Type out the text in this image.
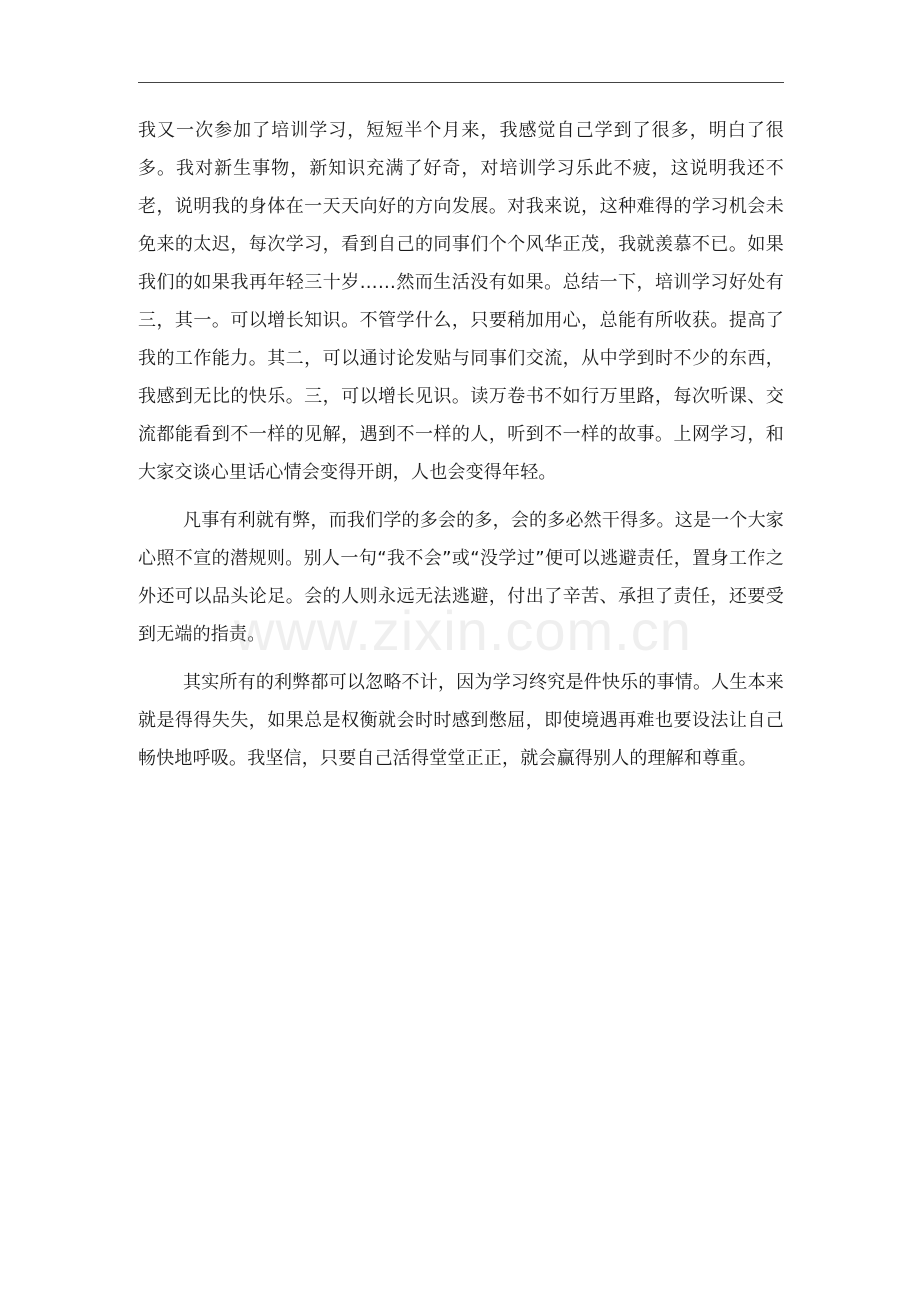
我又一次参加了培训学习，短短半个月来，我感觉自己学到了很多，明白了很多。我对新生事物，新知识充满了好奇，对培训学习乐此不疲，这说明我还不老，说明我的身体在一天天向好的方向发展。对我来说，这种难得的学习机会未免来的太迟，每次学习，看到自己的同事们个个风华正茂，我就羡慕不已。如果我们的如果我再年轻三十岁……然而生活没有如果。总结一下，培训学习好处有三，其一。可以增长知识。不管学什么，只要稍加用心，总能有所收获。提高了我的工作能力。其二，可以通讨论发贴与同事们交流，从中学到时不少的东西，我感到无比的快乐。三，可以增长见识。读万卷书不如行万里路，每次听课、交流都能看到不一样的见解，遇到不一样的人，听到不一样的故事。上网学习，和大家交谈心里话心情会变得开朗，人也会变得年轻。

凡事有利就有弊，而我们学的多会的多，会的多必然干得多。这是一个大家心照不宣的潜规则。别人一句“我不会”或“没学过”便可以逃避责任，置身工作之外还可以品头论足。会的人则永远无法逃避，付出了辛苦、承担了责任，还要受到无端的指责。

其实所有的利弊都可以忽略不计，因为学习终究是件快乐的事情。人生本来就是得得失失，如果总是权衡就会时时感到憋屈，即使境遇再难也要设法让自己畅快地呼吸。我坚信，只要自己活得堂堂正正，就会赢得别人的理解和尊重。

www.zixin.com.cn
